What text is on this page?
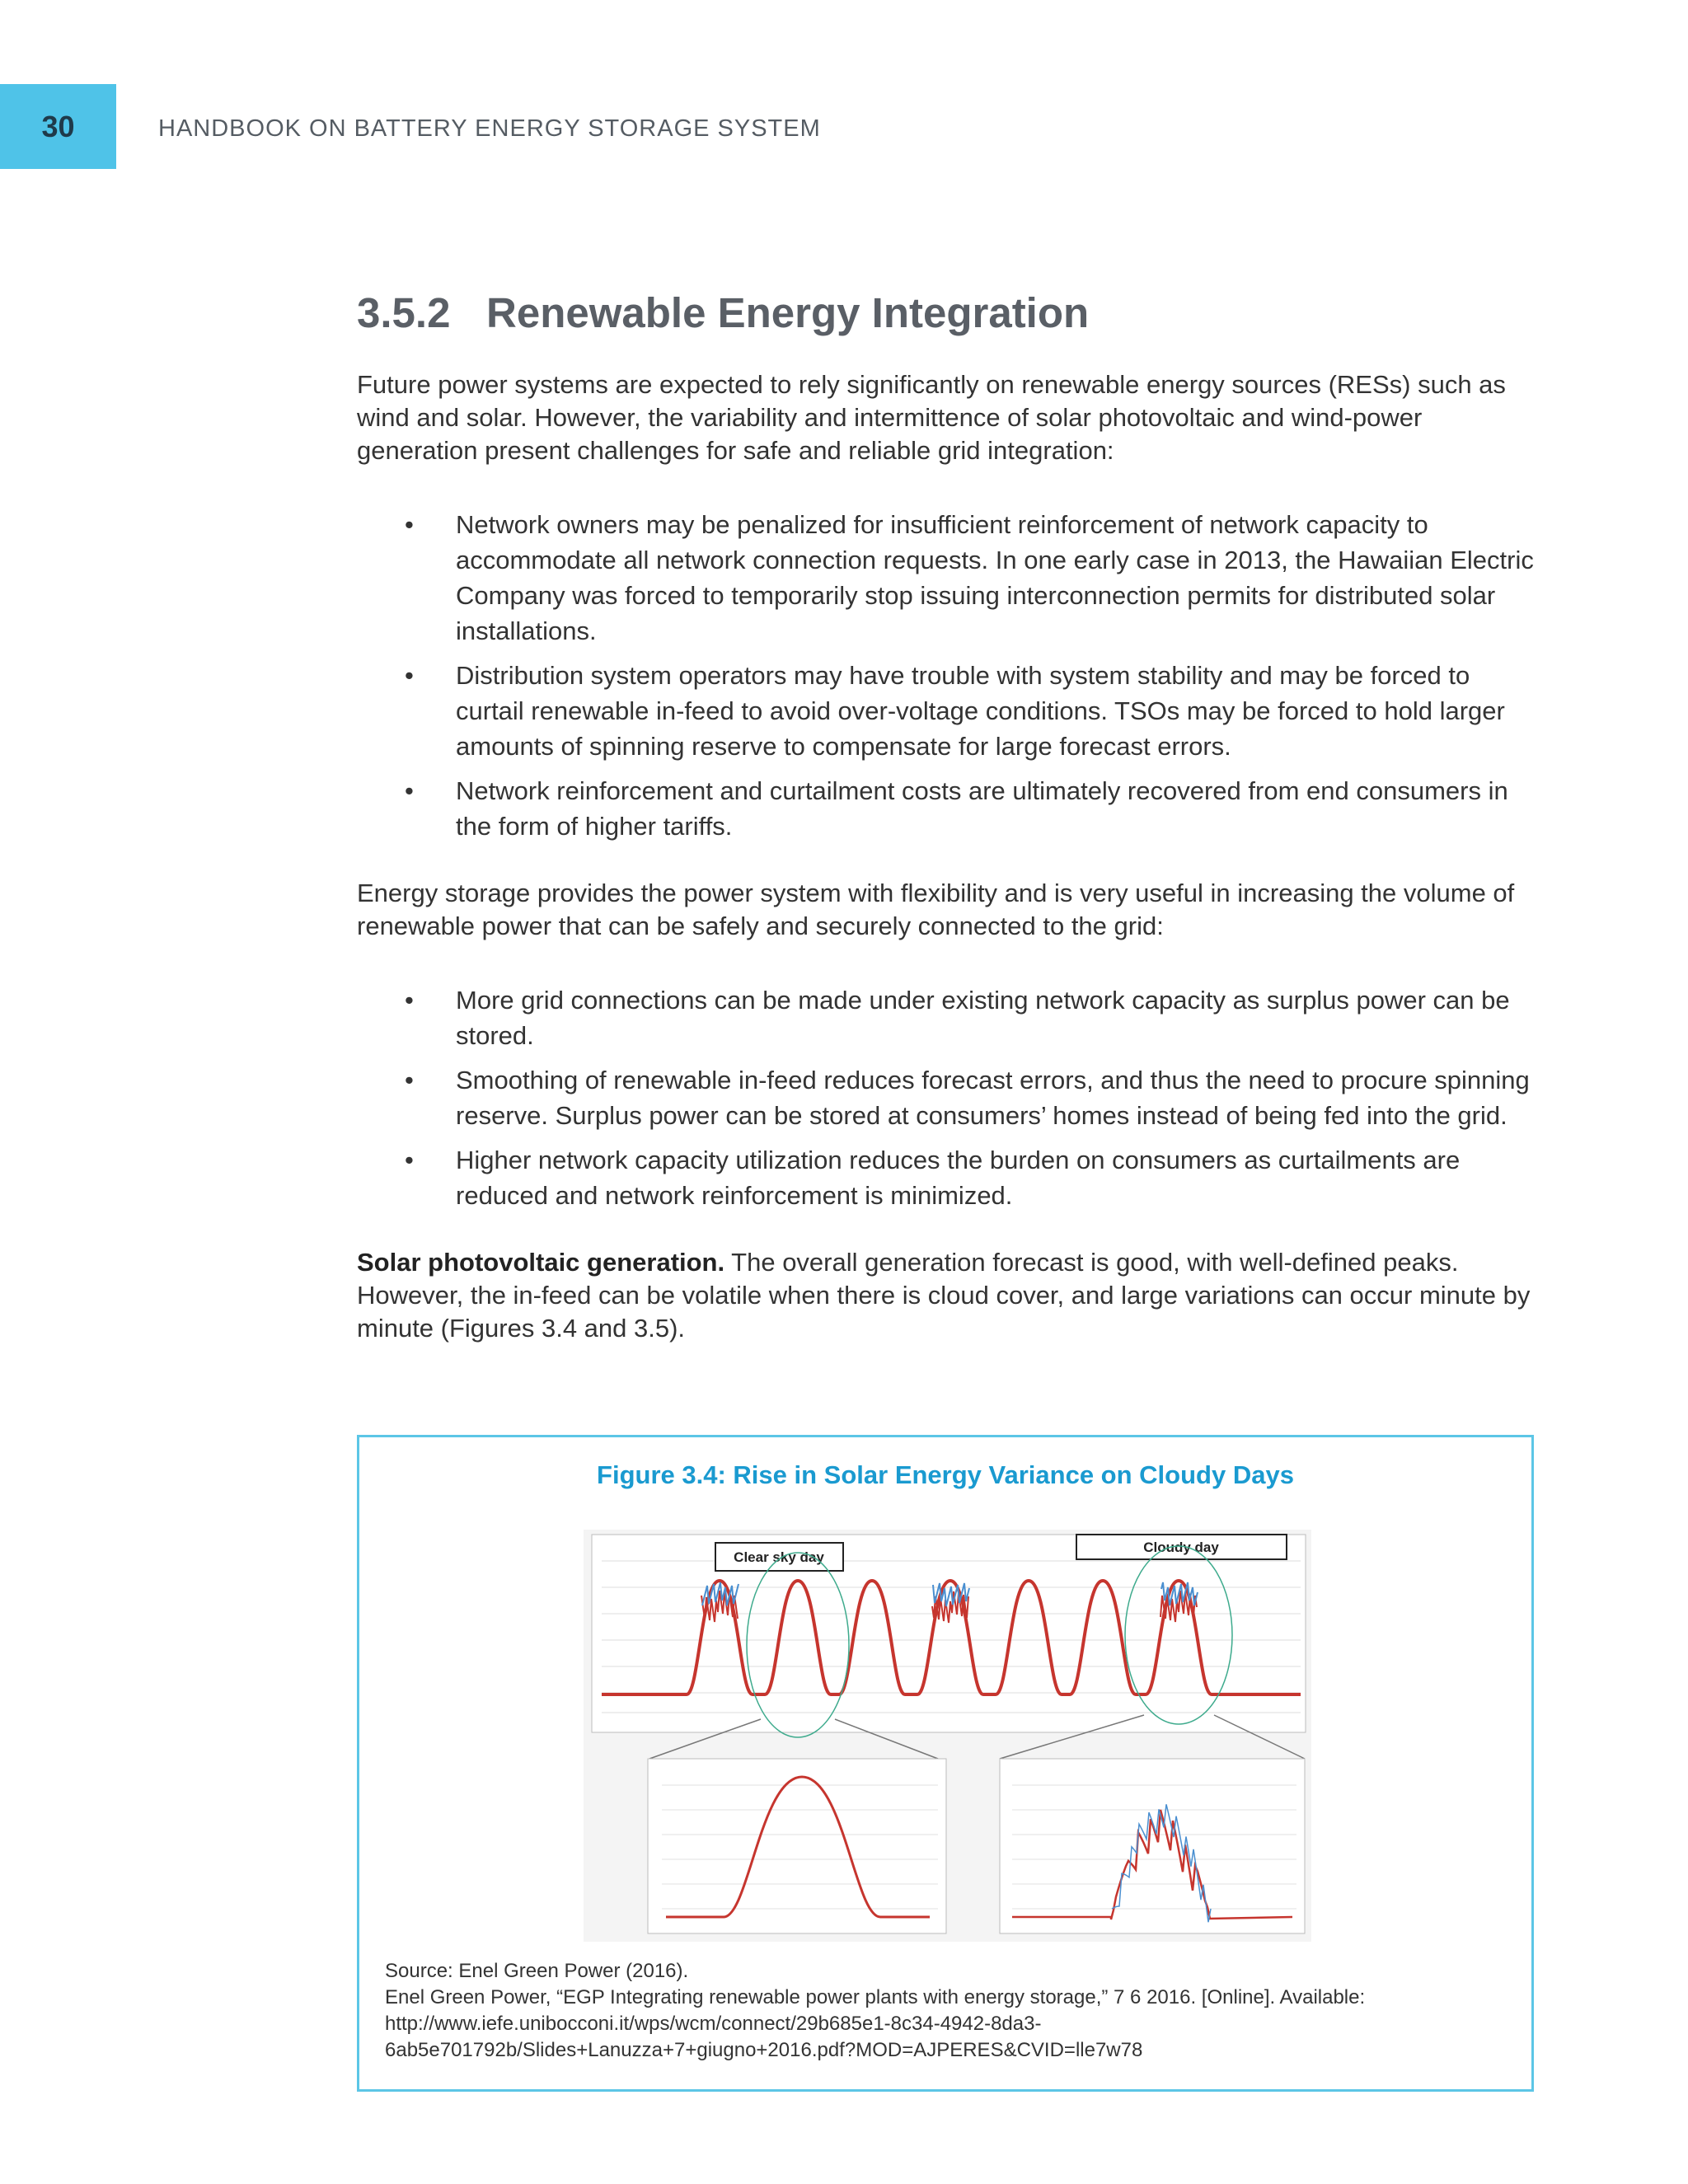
30	HANDBOOK ON BATTERY ENERGY STORAGE SYSTEM
3.5.2 Renewable Energy Integration

Future power systems are expected to rely significantly on renewable energy sources (RESs) such as wind and solar. However, the variability and intermittence of solar photovoltaic and wind-power generation present challenges for safe and reliable grid integration:

• Network owners may be penalized for insufficient reinforcement of network capacity to accommodate all network connection requests. In one early case in 2013, the Hawaiian Electric Company was forced to temporarily stop issuing interconnection permits for distributed solar installations.
• Distribution system operators may have trouble with system stability and may be forced to curtail renewable in-feed to avoid over-voltage conditions. TSOs may be forced to hold larger amounts of spinning reserve to compensate for large forecast errors.
• Network reinforcement and curtailment costs are ultimately recovered from end consumers in the form of higher tariffs.

Energy storage provides the power system with flexibility and is very useful in increasing the volume of renewable power that can be safely and securely connected to the grid:

• More grid connections can be made under existing network capacity as surplus power can be stored.
• Smoothing of renewable in-feed reduces forecast errors, and thus the need to procure spinning reserve. Surplus power can be stored at consumers’ homes instead of being fed into the grid.
• Higher network capacity utilization reduces the burden on consumers as curtailments are reduced and network reinforcement is minimized.

Solar photovoltaic generation. The overall generation forecast is good, with well-defined peaks. However, the in-feed can be volatile when there is cloud cover, and large variations can occur minute by minute (Figures 3.4 and 3.5).

Figure 3.4: Rise in Solar Energy Variance on Cloudy Days
Clear sky day
Cloudy day
Source: Enel Green Power (2016).
Enel Green Power, “EGP Integrating renewable power plants with energy storage,” 7 6 2016. [Online]. Available: http://www.iefe.unibocconi.it/wps/wcm/connect/29b685e1-8c34-4942-8da3-6ab5e701792b/Slides+Lanuzza+7+giugno+2016.pdf?MOD=AJPERES&CVID=lle7w78
